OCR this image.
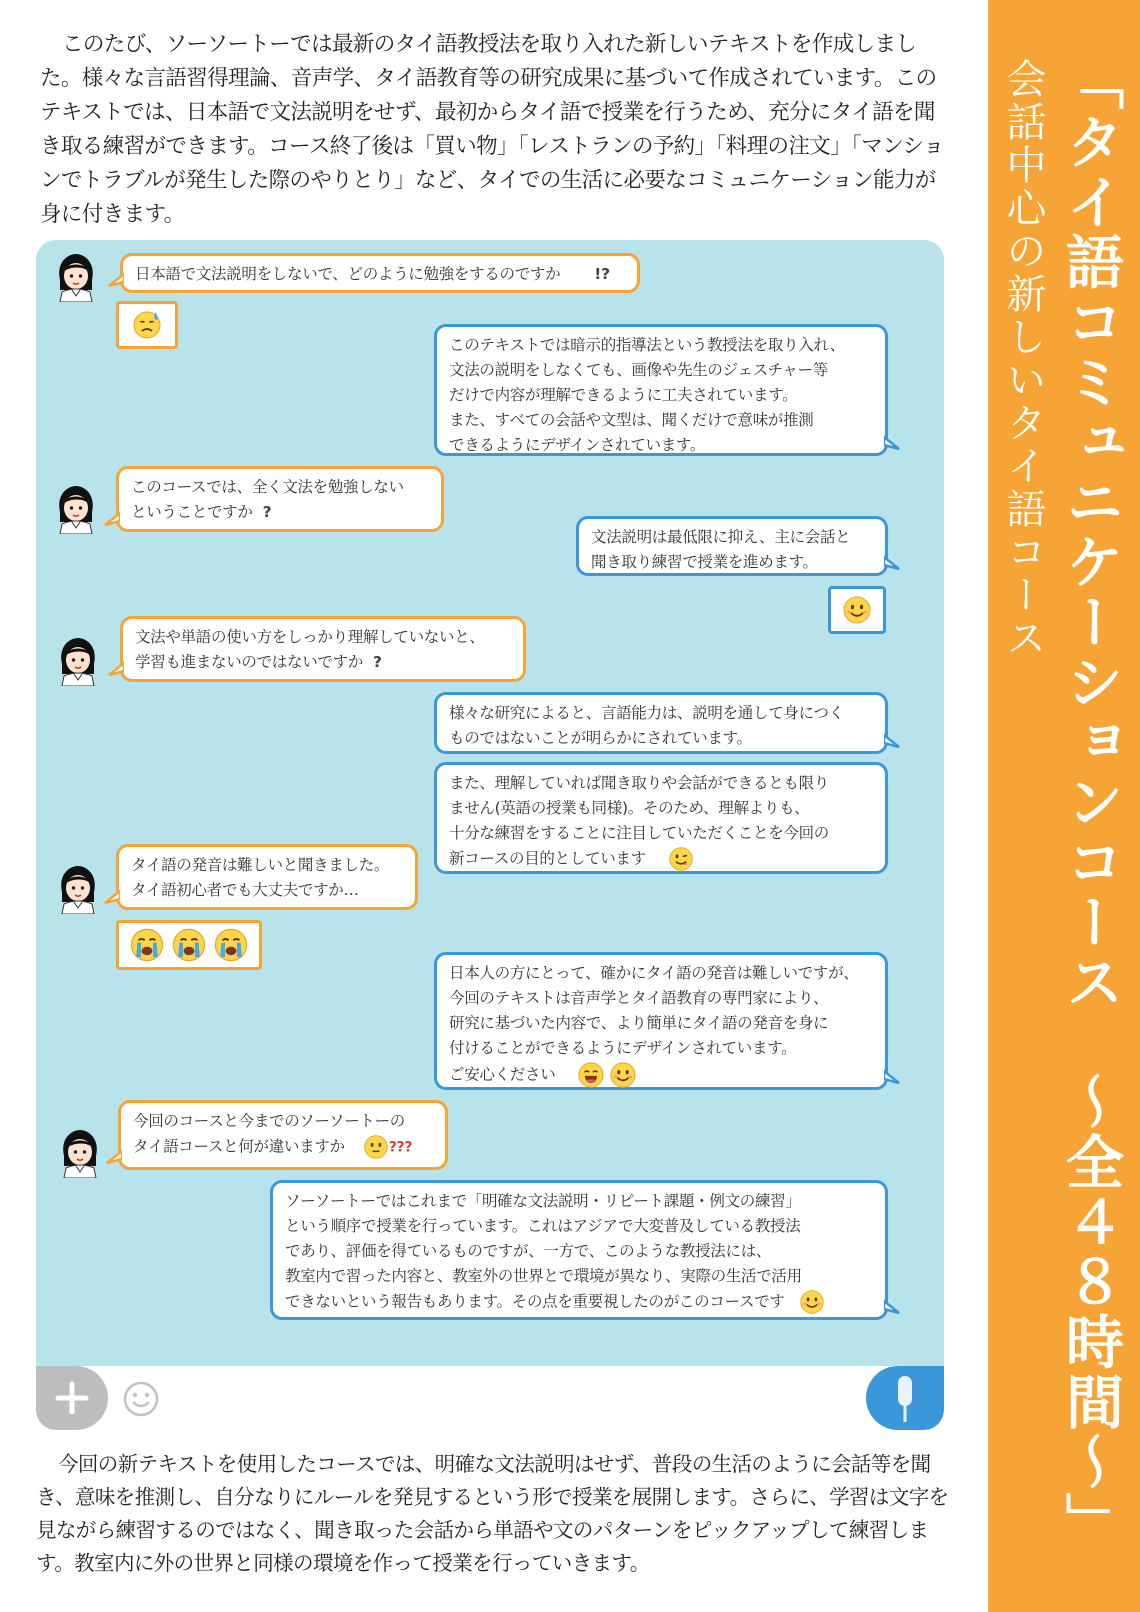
このたび、ソーソートーでは最新のタイ語教授法を取り入れた新しいテキストを作成しました。様々な言語習得理論、音声学、タイ語教育等の研究成果に基づいて作成されています。このテキストでは、日本語で文法説明をせず、最初からタイ語で授業を行うため、充分にタイ語を聞き取る練習ができます。コース終了後は「買い物」「レストランの予約」「料理の注文」「マンションでトラブルが発生した際のやりとり」など、タイでの生活に必要なコミュニケーション能力が身に付きます。	「タイ語コミュニケーションコース　～全４８時間～」

会話中心の新しいタイ語コース

日本語で文法説明をしないで、どのように勉強をするのですか !?

このテキストでは暗示的指導法という教授法を取り入れ、
文法の説明をしなくても、画像や先生のジェスチャー等
だけで内容が理解できるように工夫されています。
また、すべての会話や文型は、聞くだけで意味が推測
できるようにデザインされています。

このコースでは、全く文法を勉強しない
ということですか ?

文法説明は最低限に抑え、主に会話と
聞き取り練習で授業を進めます。

文法や単語の使い方をしっかり理解していないと、
学習も進まないのではないですか ?

様々な研究によると、言語能力は、説明を通して身につく
ものではないことが明らかにされています。

また、理解していれば聞き取りや会話ができるとも限り
ません(英語の授業も同様)。そのため、理解よりも、
十分な練習をすることに注目していただくことを今回の
新コースの目的としています

タイ語の発音は難しいと聞きました。
タイ語初心者でも大丈夫ですか…

日本人の方にとって、確かにタイ語の発音は難しいですが、
今回のテキストは音声学とタイ語教育の専門家により、
研究に基づいた内容で、より簡単にタイ語の発音を身に
付けることができるようにデザインされています。
ご安心ください

今回のコースと今までのソーソートーの
タイ語コースと何が違いますか	???

ソーソートーではこれまで「明確な文法説明・リピート課題・例文の練習」
という順序で授業を行っています。これはアジアで大変普及している教授法
であり、評価を得ているものですが、一方で、このような教授法には、
教室内で習った内容と、教室外の世界とで環境が異なり、実際の生活で活用
できないという報告もあります。その点を重要視したのがこのコースです

今回の新テキストを使用したコースでは、明確な文法説明はせず、普段の生活のように会話等を聞き、意味を推測し、自分なりにルールを発見するという形で授業を展開します。さらに、学習は文字を見ながら練習するのではなく、聞き取った会話から単語や文のパターンをピックアップして練習します。教室内に外の世界と同様の環境を作って授業を行っていきます。
